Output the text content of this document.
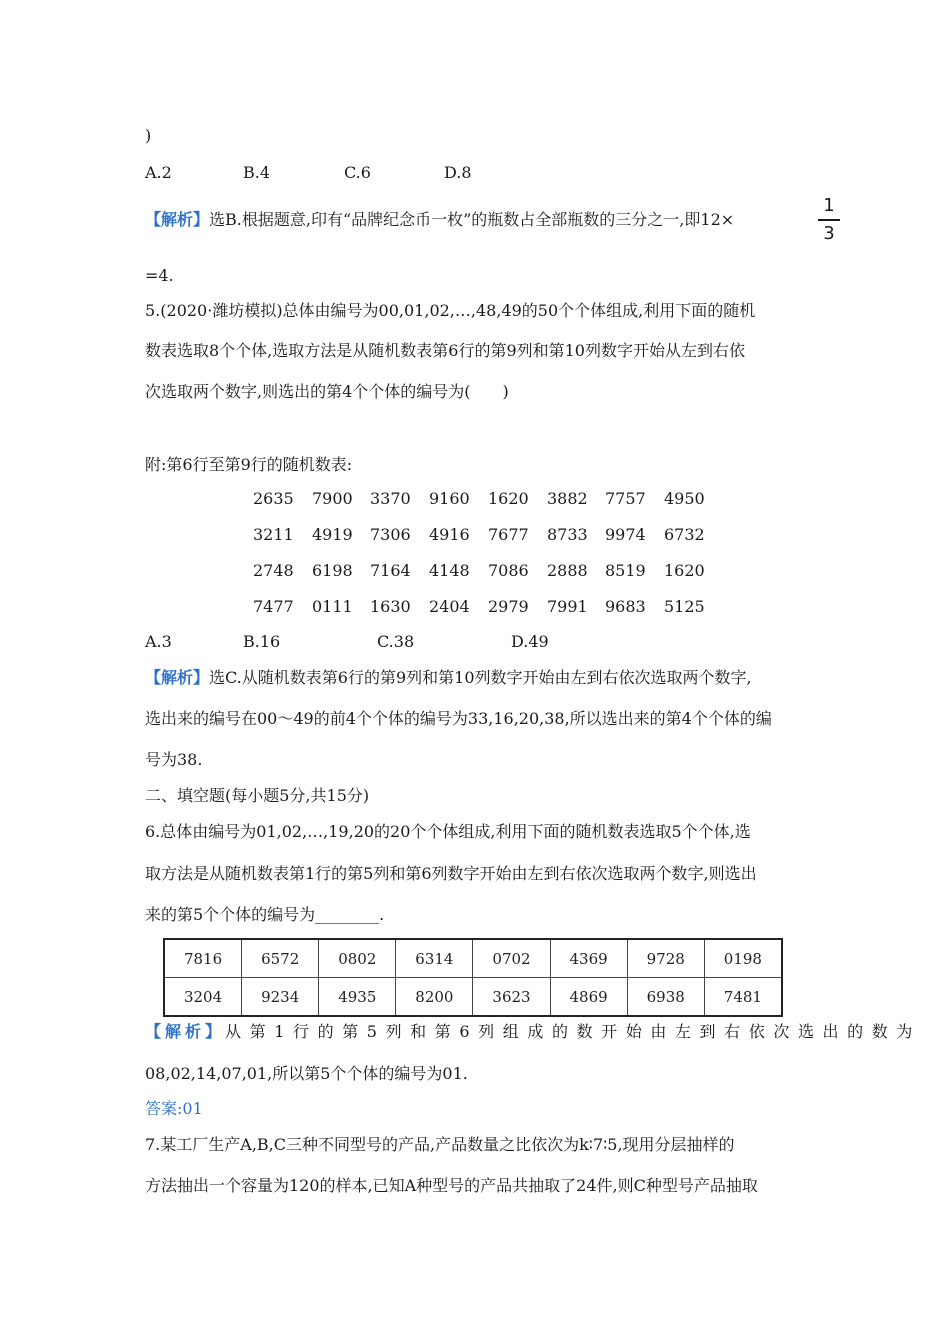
)
A.2	B.4	C.6	D.8
【解析】选B.根据题意,印有“品牌纪念币一枚”的瓶数占全部瓶数的三分之一,即12×
1
3
=4.
5.(2020·潍坊模拟)总体由编号为00,01,02,…,48,49的50个个体组成,利用下面的随机
数表选取8个个体,选取方法是从随机数表第6行的第9列和第10列数字开始从左到右依
次选取两个数字,则选出的第4个个体的编号为(　　)
附:第6行至第9行的随机数表:
2635 7900 3370 9160 1620 3882 7757 4950
3211 4919 7306 4916 7677 8733 9974 6732
2748 6198 7164 4148 7086 2888 8519 1620
7477 0111 1630 2404 2979 7991 9683 5125
A.3	B.16	C.38	D.49
【解析】选C.从随机数表第6行的第9列和第10列数字开始由左到右依次选取两个数字,
选出来的编号在00～49的前4个个体的编号为33,16,20,38,所以选出来的第4个个体的编
号为38.
二、填空题(每小题5分,共15分)
6.总体由编号为01,02,…,19,20的20个个体组成,利用下面的随机数表选取5个个体,选
取方法是从随机数表第1行的第5列和第6列数字开始由左到右依次选取两个数字,则选出
来的第5个个体的编号为________.
7816	6572	0802	6314	0702	4369	9728	0198
3204	9234	4935	8200	3623	4869	6938	7481
【解析】 从第1行的第5列和第6列组成的数开始由左到右依次选出的数为
08,02,14,07,01,所以第5个个体的编号为01.
答案:01
7.某工厂生产A,B,C三种不同型号的产品,产品数量之比依次为k∶7∶5,现用分层抽样的
方法抽出一个容量为120的样本,已知A种型号的产品共抽取了24件,则C种型号产品抽取
